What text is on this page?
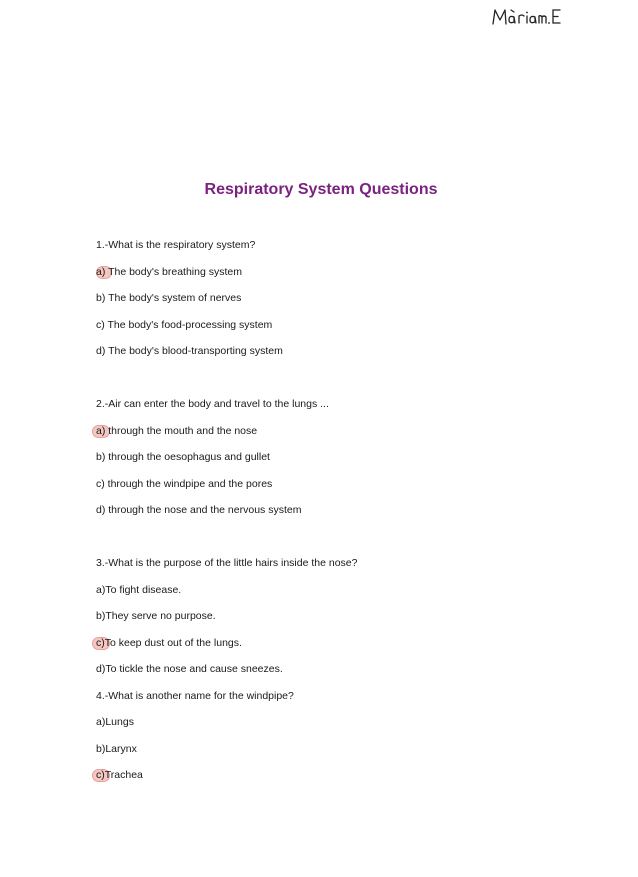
Respiratory System Questions
1.-What is the respiratory system?
a) The body's breathing system
b) The body's system of nerves
c) The body's food-processing system
d) The body's blood-transporting system
2.-Air can enter the body and travel to the lungs ...
a) through the mouth and the nose
b) through the oesophagus and gullet
c) through the windpipe and the pores
d) through the nose and the nervous system
3.-What is the purpose of the little hairs inside the nose?
a)To fight disease.
b)They serve no purpose.
c)To keep dust out of the lungs.
d)To tickle the nose and cause sneezes.
4.-What is another name for the windpipe?
a)Lungs
b)Larynx
c)Trachea
